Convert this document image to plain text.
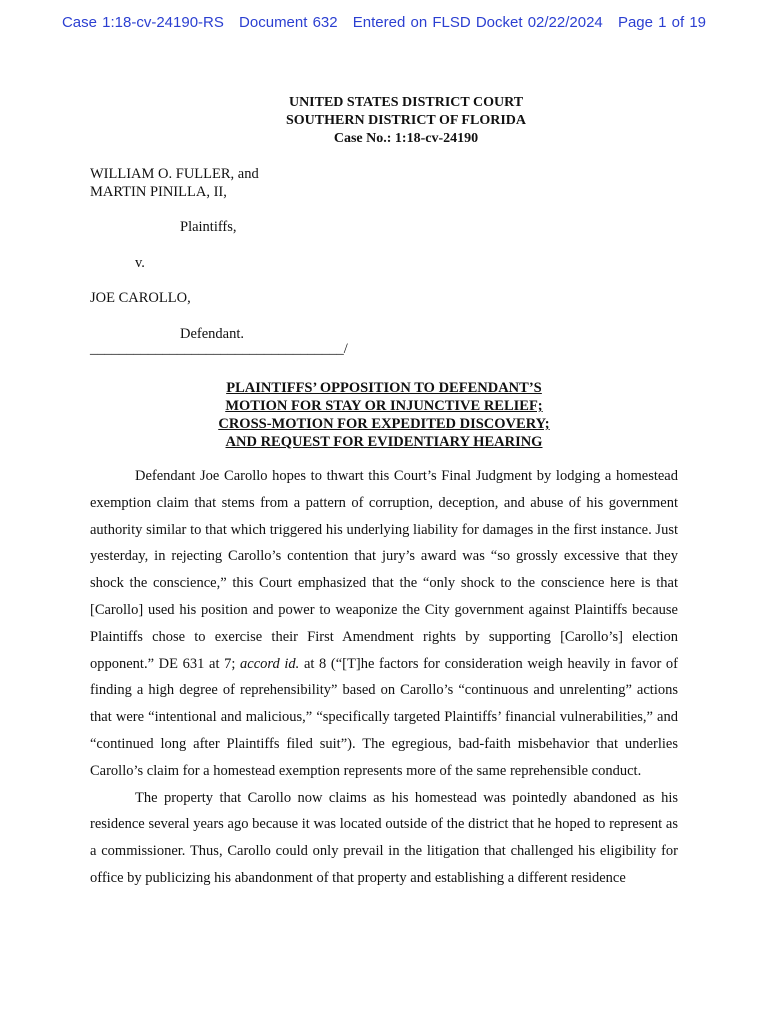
Case 1:18-cv-24190-RS Document 632 Entered on FLSD Docket 02/22/2024 Page 1 of 19
UNITED STATES DISTRICT COURT
SOUTHERN DISTRICT OF FLORIDA
Case No.: 1:18-cv-24190
WILLIAM O. FULLER, and
MARTIN PINILLA, II,
Plaintiffs,
v.
JOE CAROLLO,
Defendant.
___________________________________/
PLAINTIFFS’ OPPOSITION TO DEFENDANT’S
MOTION FOR STAY OR INJUNCTIVE RELIEF;
CROSS-MOTION FOR EXPEDITED DISCOVERY;
AND REQUEST FOR EVIDENTIARY HEARING

Defendant Joe Carollo hopes to thwart this Court’s Final Judgment by lodging a homestead exemption claim that stems from a pattern of corruption, deception, and abuse of his government authority similar to that which triggered his underlying liability for damages in the first instance. Just yesterday, in rejecting Carollo’s contention that jury’s award was “so grossly excessive that they shock the conscience,” this Court emphasized that the “only shock to the conscience here is that [Carollo] used his position and power to weaponize the City government against Plaintiffs because Plaintiffs chose to exercise their First Amendment rights by supporting [Carollo’s] election opponent.” DE 631 at 7; accord id. at 8 (“[T]he factors for consideration weigh heavily in favor of finding a high degree of reprehensibility” based on Carollo’s “continuous and unrelenting” actions that were “intentional and malicious,” “specifically targeted Plaintiffs’ financial vulnerabilities,” and “continued long after Plaintiffs filed suit”). The egregious, bad-faith misbehavior that underlies Carollo’s claim for a homestead exemption represents more of the same reprehensible conduct.

The property that Carollo now claims as his homestead was pointedly abandoned as his residence several years ago because it was located outside of the district that he hoped to represent as a commissioner. Thus, Carollo could only prevail in the litigation that challenged his eligibility for office by publicizing his abandonment of that property and establishing a different residence
